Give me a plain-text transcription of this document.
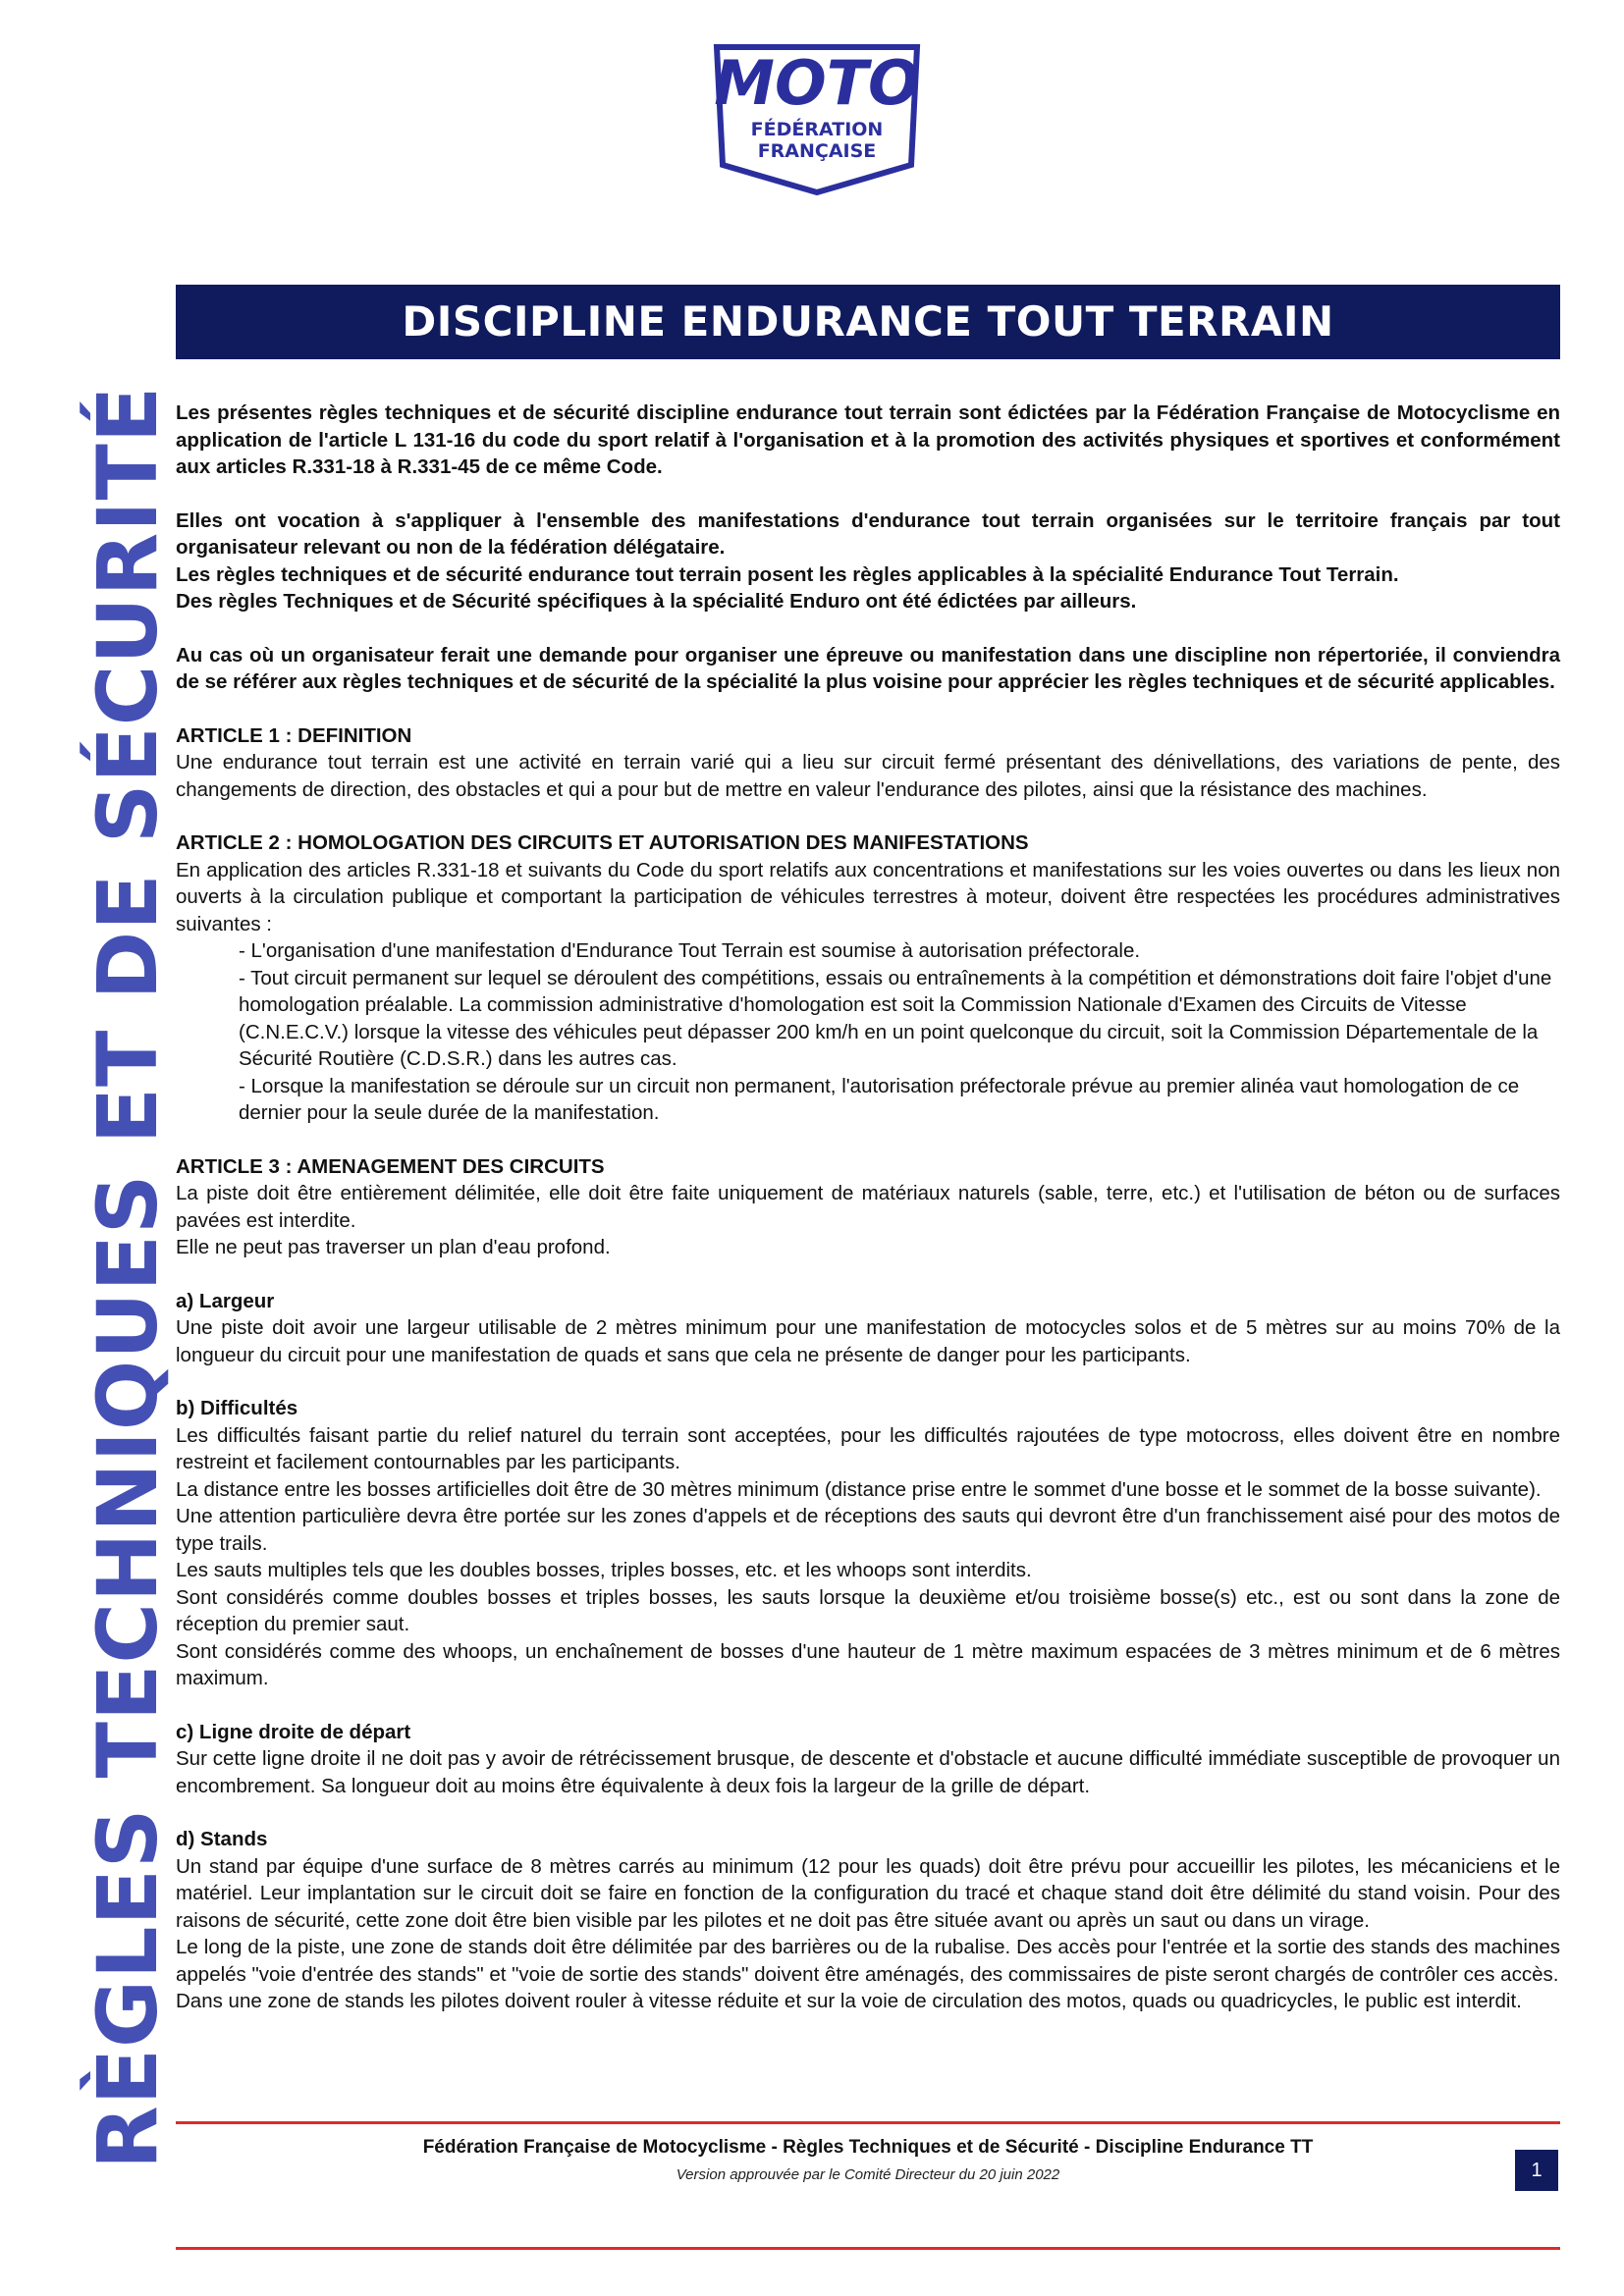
RÈGLES TECHNIQUES ET DE SÉCURITÉ
MOTO
FÉDÉRATION
FRANÇAISE
DISCIPLINE ENDURANCE TOUT TERRAIN

Les présentes règles techniques et de sécurité discipline endurance tout terrain sont édictées par la Fédération Française de Motocyclisme en application de l'article L 131-16 du code du sport relatif à l'organisation et à la promotion des activités physiques et sportives et conformément aux articles R.331-18 à R.331-45 de ce même Code.

Elles ont vocation à s'appliquer à l'ensemble des manifestations d'endurance tout terrain organisées sur le territoire français par tout organisateur relevant ou non de la fédération délégataire.
Les règles techniques et de sécurité endurance tout terrain posent les règles applicables à la spécialité Endurance Tout Terrain.
Des règles Techniques et de Sécurité spécifiques à la spécialité Enduro ont été édictées par ailleurs.

Au cas où un organisateur ferait une demande pour organiser une épreuve ou manifestation dans une discipline non répertoriée, il conviendra de se référer aux règles techniques et de sécurité de la spécialité la plus voisine pour apprécier les règles techniques et de sécurité applicables.

ARTICLE 1 : DEFINITION

Une endurance tout terrain est une activité en terrain varié qui a lieu sur circuit fermé présentant des dénivellations, des variations de pente, des changements de direction, des obstacles et qui a pour but de mettre en valeur l'endurance des pilotes, ainsi que la résistance des machines.

ARTICLE 2 : HOMOLOGATION DES CIRCUITS ET AUTORISATION DES MANIFESTATIONS

En application des articles R.331-18 et suivants du Code du sport relatifs aux concentrations et manifestations sur les voies ouvertes ou dans les lieux non ouverts à la circulation publique et comportant la participation de véhicules terrestres à moteur, doivent être respectées les procédures administratives suivantes :

- L'organisation d'une manifestation d'Endurance Tout Terrain est soumise à autorisation préfectorale.
- Tout circuit permanent sur lequel se déroulent des compétitions, essais ou entraînements à la compétition et démonstrations doit faire l'objet d'une homologation préalable. La commission administrative d'homologation est soit la Commission Nationale d'Examen des Circuits de Vitesse (C.N.E.C.V.) lorsque la vitesse des véhicules peut dépasser 200 km/h en un point quelconque du circuit, soit la Commission Départementale de la Sécurité Routière (C.D.S.R.) dans les autres cas.
- Lorsque la manifestation se déroule sur un circuit non permanent, l'autorisation préfectorale prévue au premier alinéa vaut homologation de ce dernier pour la seule durée de la manifestation.
ARTICLE 3 : AMENAGEMENT DES CIRCUITS

La piste doit être entièrement délimitée, elle doit être faite uniquement de matériaux naturels (sable, terre, etc.) et l'utilisation de béton ou de surfaces pavées est interdite.

Elle ne peut pas traverser un plan d'eau profond.

a) Largeur

Une piste doit avoir une largeur utilisable de 2 mètres minimum pour une manifestation de motocycles solos et de 5 mètres sur au moins 70% de la longueur du circuit pour une manifestation de quads et sans que cela ne présente de danger pour les participants.

b) Difficultés

Les difficultés faisant partie du relief naturel du terrain sont acceptées, pour les difficultés rajoutées de type motocross, elles doivent être en nombre restreint et facilement contournables par les participants.

La distance entre les bosses artificielles doit être de 30 mètres minimum (distance prise entre le sommet d'une bosse et le sommet de la bosse suivante).

Une attention particulière devra être portée sur les zones d'appels et de réceptions des sauts qui devront être d'un franchissement aisé pour des motos de type trails.

Les sauts multiples tels que les doubles bosses, triples bosses, etc. et les whoops sont interdits.

Sont considérés comme doubles bosses et triples bosses, les sauts lorsque la deuxième et/ou troisième bosse(s) etc., est ou sont dans la zone de réception du premier saut.

Sont considérés comme des whoops, un enchaînement de bosses d'une hauteur de 1 mètre maximum espacées de 3 mètres minimum et de 6 mètres maximum.

c) Ligne droite de départ

Sur cette ligne droite il ne doit pas y avoir de rétrécissement brusque, de descente et d'obstacle et aucune difficulté immédiate susceptible de provoquer un encombrement. Sa longueur doit au moins être équivalente à deux fois la largeur de la grille de départ.

d) Stands

Un stand par équipe d'une surface de 8 mètres carrés au minimum (12 pour les quads) doit être prévu pour accueillir les pilotes, les mécaniciens et le matériel. Leur implantation sur le circuit doit se faire en fonction de la configuration du tracé et chaque stand doit être délimité du stand voisin. Pour des raisons de sécurité, cette zone doit être bien visible par les pilotes et ne doit pas être située avant ou après un saut ou dans un virage.

Le long de la piste, une zone de stands doit être délimitée par des barrières ou de la rubalise. Des accès pour l'entrée et la sortie des stands des machines appelés "voie d'entrée des stands" et "voie de sortie des stands" doivent être aménagés, des commissaires de piste seront chargés de contrôler ces accès.

Dans une zone de stands les pilotes doivent rouler à vitesse réduite et sur la voie de circulation des motos, quads ou quadricycles, le public est interdit.

Fédération Française de Motocyclisme - Règles Techniques et de Sécurité - Discipline Endurance TT
Version approuvée par le Comité Directeur du 20 juin 2022	1
